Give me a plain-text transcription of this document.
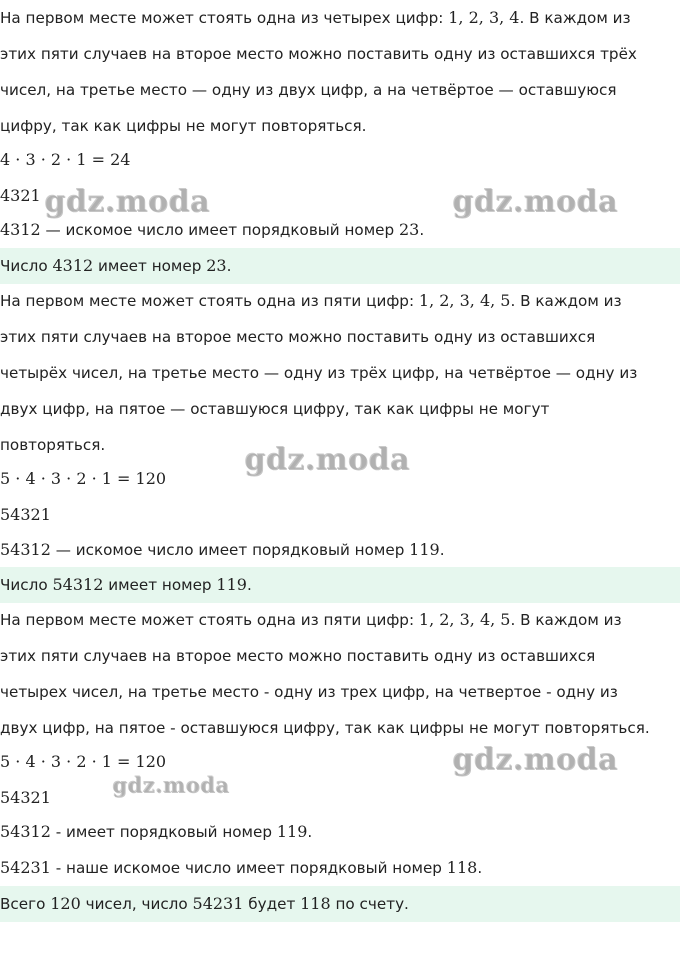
На первом месте может стоять одна из четырех цифр: 1, 2, 3, 4. В каждом из
этих пяти случаев на второе место можно поставить одну из оставшихся трёх
чисел, на третье место — одну из двух цифр, а на четвёртое — оставшуюся
цифру, так как цифры не могут повторяться.
4 · 3 · 2 · 1 = 24
4321
4312 — искомое число имеет порядковый номер 23.
Число 4312 имеет номер 23.
На первом месте может стоять одна из пяти цифр: 1, 2, 3, 4, 5. В каждом из
этих пяти случаев на второе место можно поставить одну из оставшихся
четырёх чисел, на третье место — одну из трёх цифр, на четвёртое — одну из
двух цифр, на пятое — оставшуюся цифру, так как цифры не могут
повторяться.
5 · 4 · 3 · 2 · 1 = 120
54321
54312 — искомое число имеет порядковый номер 119.
Число 54312 имеет номер 119.
На первом месте может стоять одна из пяти цифр: 1, 2, 3, 4, 5. В каждом из
этих пяти случаев на второе место можно поставить одну из оставшихся
четырех чисел, на третье место - одну из трех цифр, на четвертое - одну из
двух цифр, на пятое - оставшуюся цифру, так как цифры не могут повторяться.
5 · 4 · 3 · 2 · 1 = 120
54321
54312 - имеет порядковый номер 119.
54231 - наше искомое число имеет порядковый номер 118.
Всего 120 чисел, число 54231 будет 118 по счету.
gdz.moda	gdz.moda
gdz.moda
gdz.moda
gdz.moda
